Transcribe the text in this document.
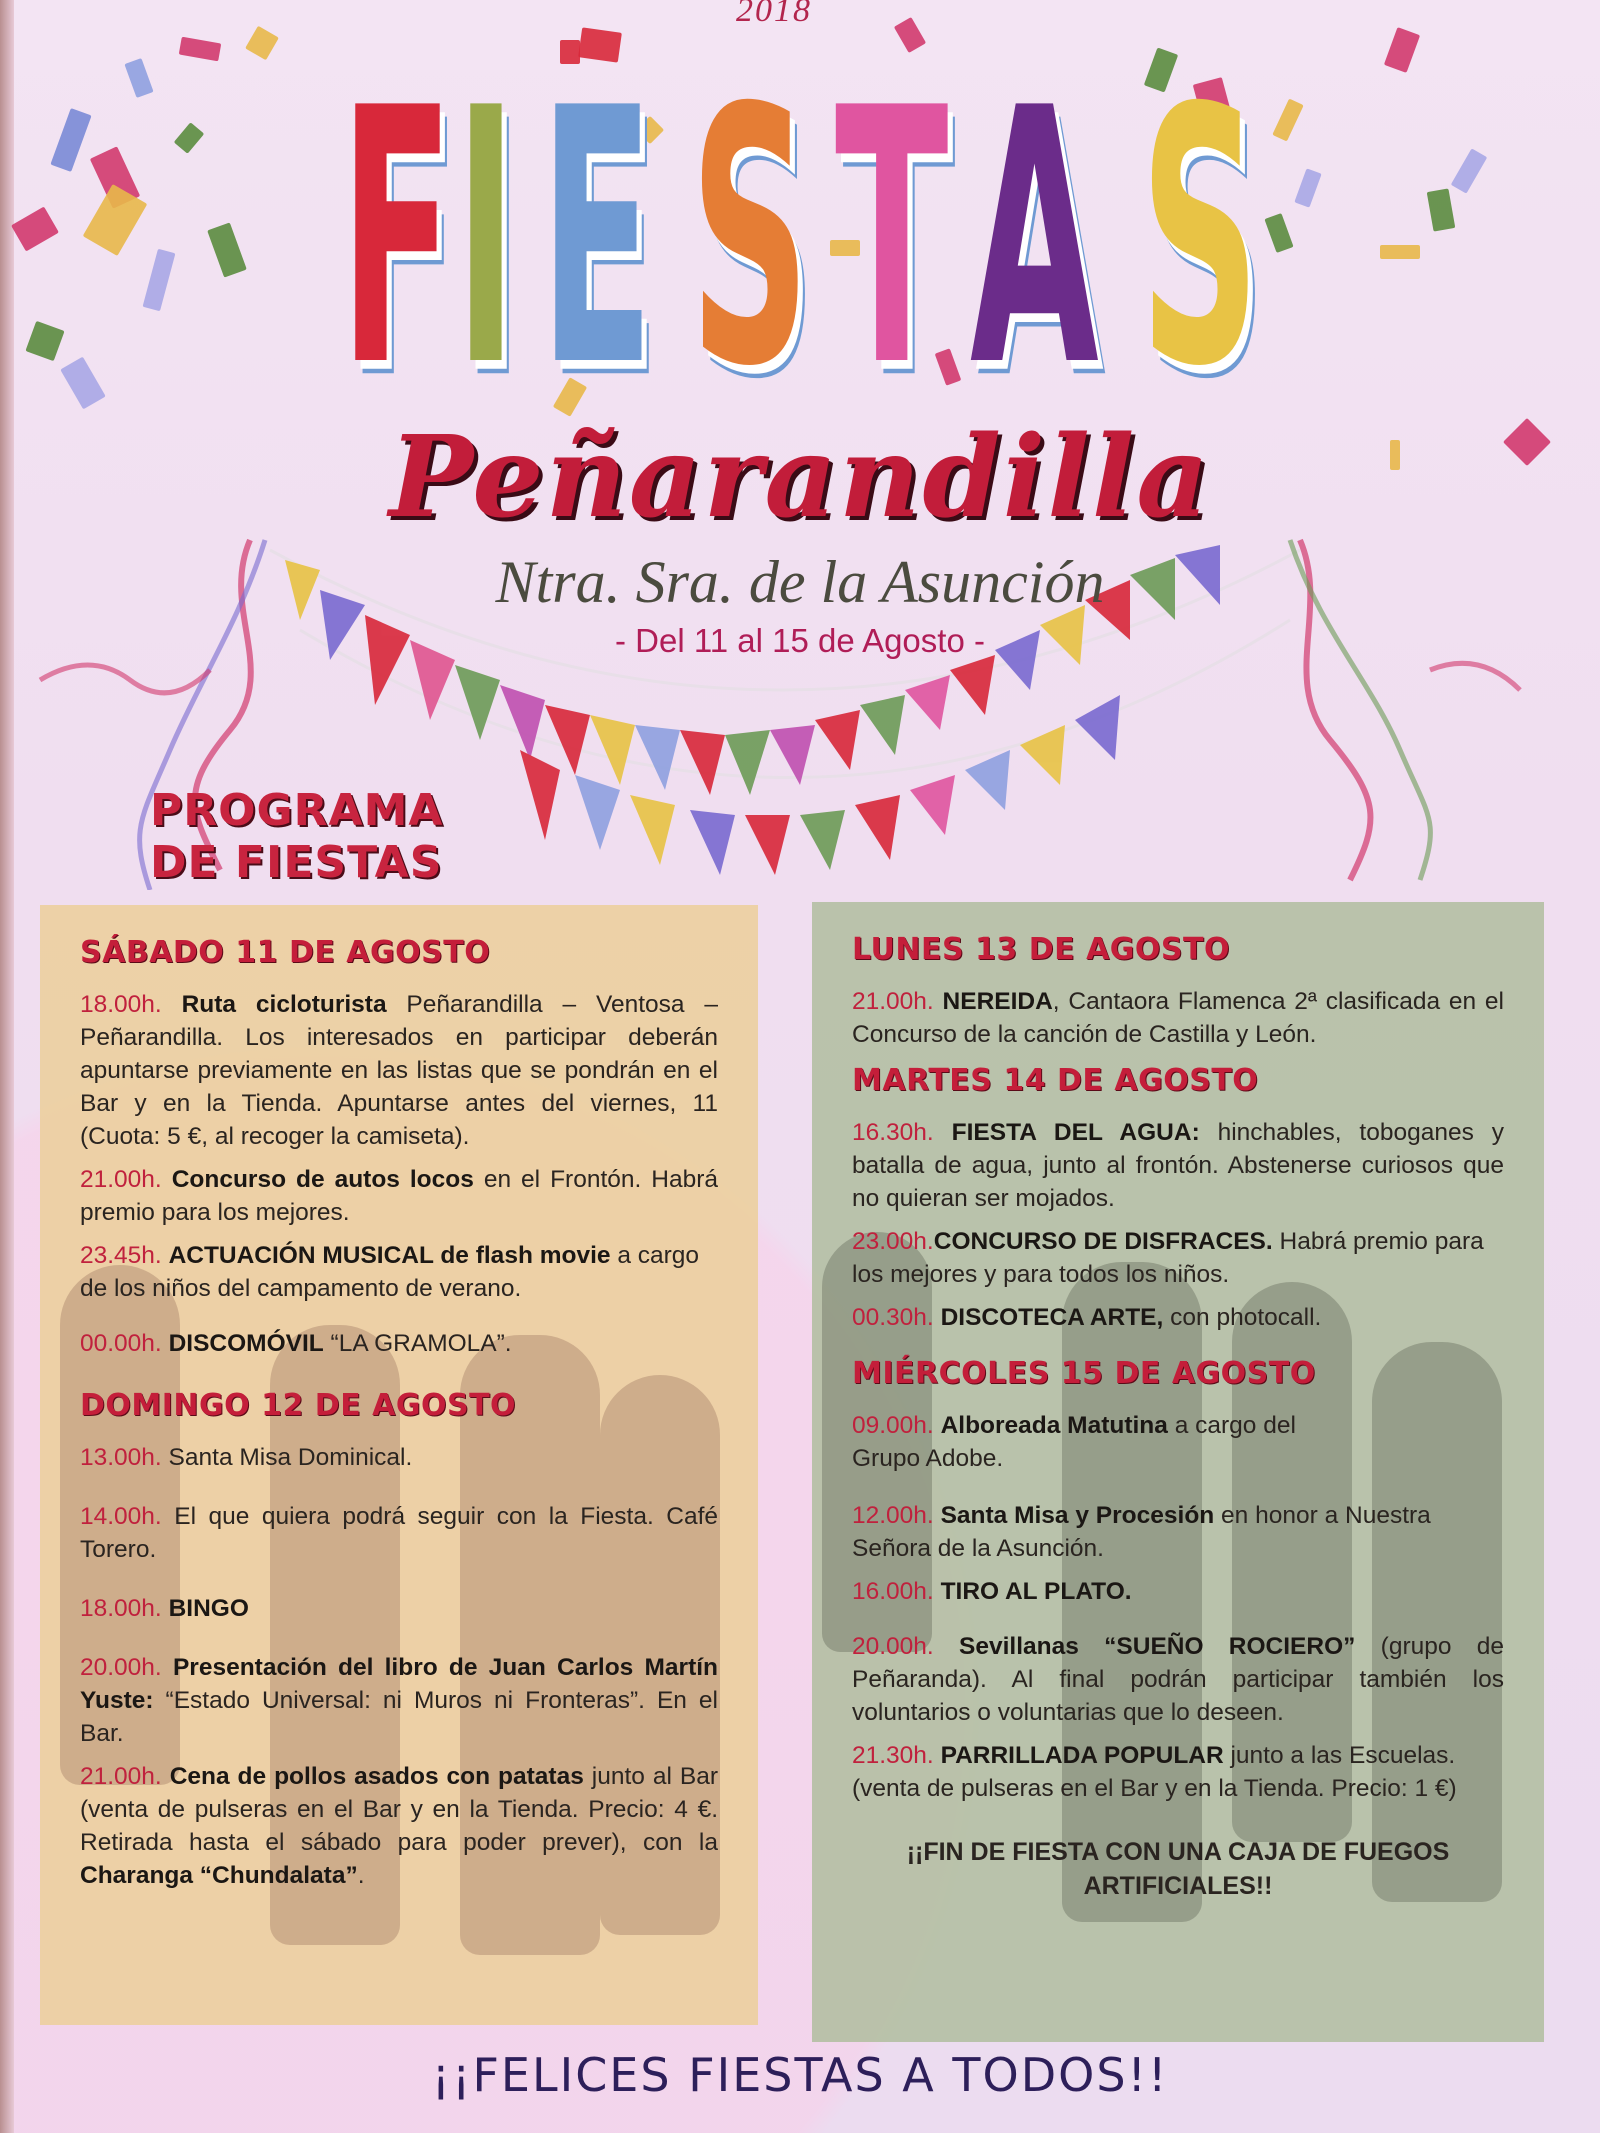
2018
F I E S T A S
Peñarandilla
Ntra. Sra. de la Asunción
- Del 11 al 15 de Agosto -
PROGRAMA
DE FIESTAS
SÁBADO 11 DE AGOSTO

18.00h. Ruta cicloturista Peñarandilla – Ventosa – Peñarandilla. Los interesados en participar deberán apuntarse previamente en las listas que se pondrán en el Bar y en la Tienda. Apuntarse antes del viernes, 11 (Cuota: 5 €, al recoger la camiseta).

21.00h. Concurso de autos locos en el Frontón. Habrá premio para los mejores.

23.45h. ACTUACIÓN MUSICAL de flash movie a cargo de los niños del campamento de verano.

00.00h. DISCOMÓVIL “LA GRAMOLA”.

DOMINGO 12 DE AGOSTO

13.00h. Santa Misa Dominical.

14.00h. El que quiera podrá seguir con la Fiesta. Café Torero.

18.00h. BINGO

20.00h. Presentación del libro de Juan Carlos Martín Yuste: “Estado Universal: ni Muros ni Fronteras”. En el Bar.

21.00h. Cena de pollos asados con patatas junto al Bar (venta de pulseras en el Bar y en la Tienda. Precio: 4 €. Retirada hasta el sábado para poder prever), con la Charanga “Chundalata”.

LUNES 13 DE AGOSTO

21.00h. NEREIDA, Cantaora Flamenca 2ª clasificada en el Concurso de la canción de Castilla y León.

MARTES 14 DE AGOSTO

16.30h. FIESTA DEL AGUA: hinchables, toboganes y batalla de agua, junto al frontón. Abstenerse curiosos que no quieran ser mojados.

23.00h.CONCURSO DE DISFRACES. Habrá premio para los mejores y para todos los niños.

00.30h. DISCOTECA ARTE, con photocall.

MIÉRCOLES 15 DE AGOSTO

09.00h. Alboreada Matutina a cargo del Grupo Adobe.

12.00h. Santa Misa y Procesión en honor a Nuestra Señora de la Asunción.

16.00h. TIRO AL PLATO.

20.00h. Sevillanas “SUEÑO ROCIERO” (grupo de Peñaranda). Al final podrán participar también los voluntarios o voluntarias que lo deseen.

21.30h. PARRILLADA POPULAR junto a las Escuelas. (venta de pulseras en el Bar y en la Tienda. Precio: 1 €)

¡¡FIN DE FIESTA CON UNA CAJA DE FUEGOS ARTIFICIALES!!
¡¡FELICES FIESTAS A TODOS!!
